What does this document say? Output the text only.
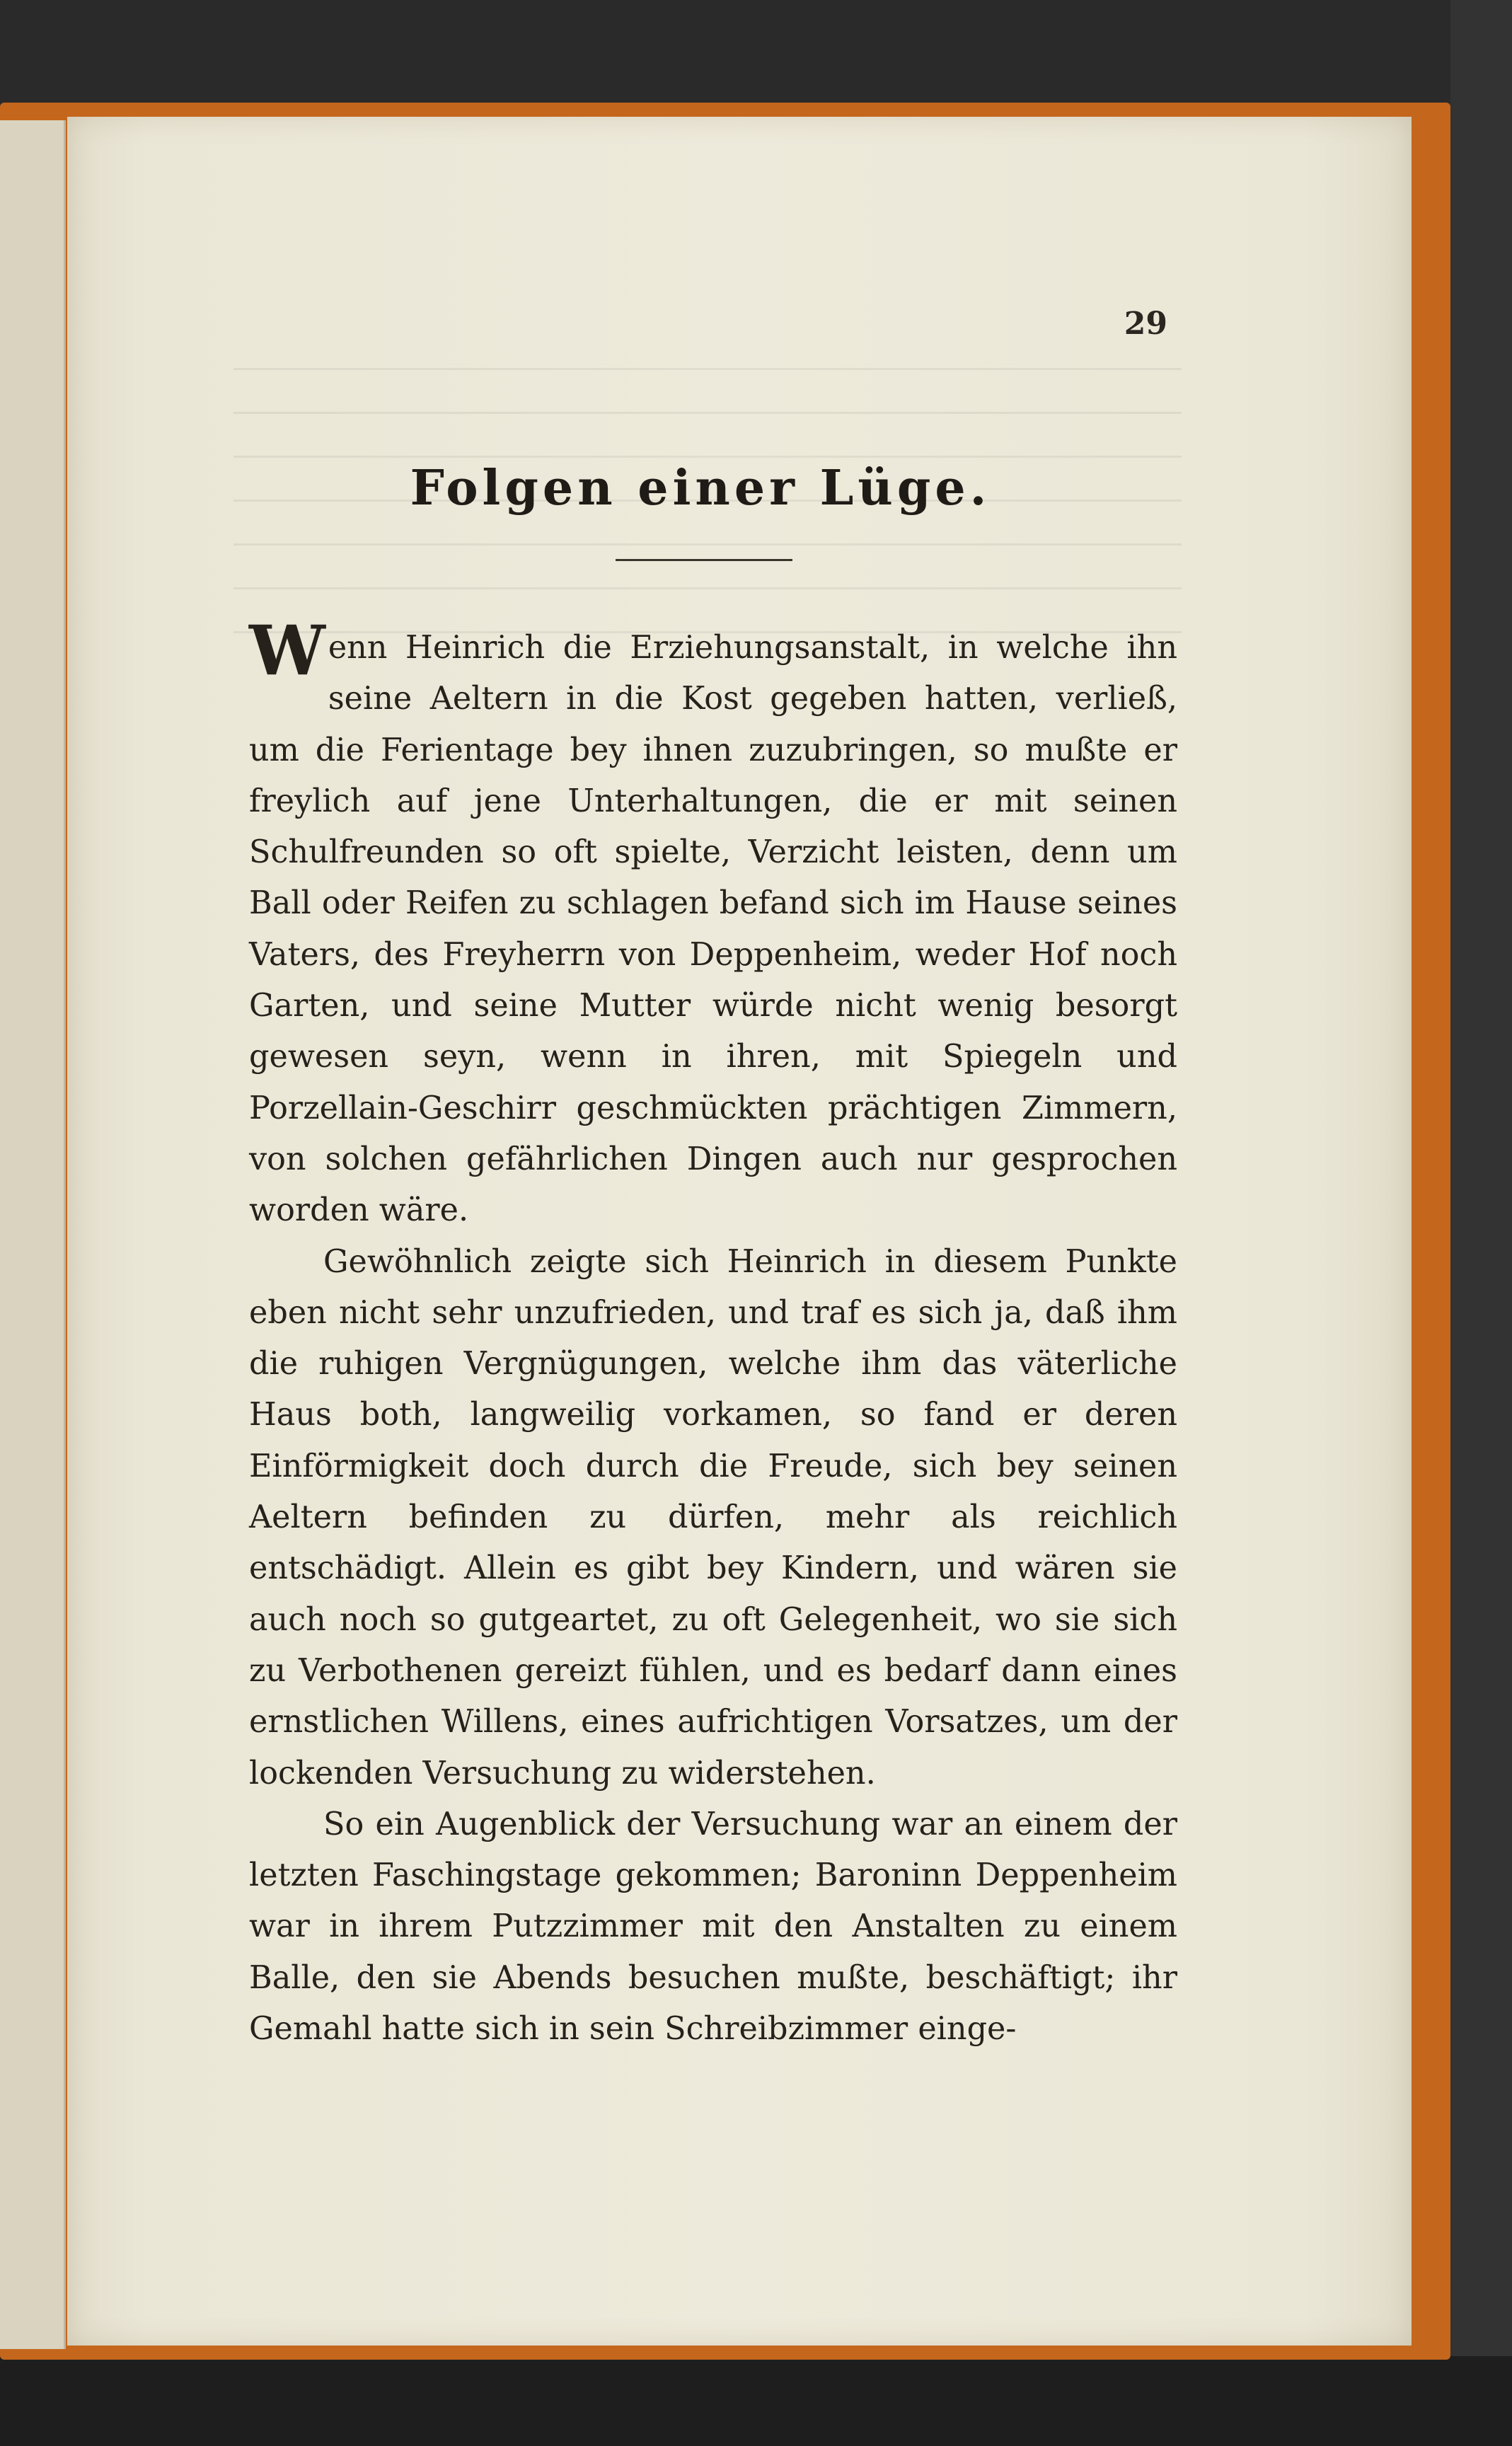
29
Folgen einer Lüge.

Wenn Heinrich die Erziehungsanstalt, in welche ihn seine Aeltern in die Kost gegeben hatten, verließ, um die Ferientage bey ihnen zuzubringen, so mußte er freylich auf jene Unterhaltungen, die er mit seinen Schulfreunden so oft spielte, Verzicht leisten, denn um Ball oder Reifen zu schlagen befand sich im Hause seines Vaters, des Freyherrn von Deppenheim, weder Hof noch Garten, und seine Mutter würde nicht wenig besorgt gewesen seyn, wenn in ihren, mit Spiegeln und Porzellain-Geschirr geschmückten prächtigen Zimmern, von solchen gefährlichen Dingen auch nur gesprochen worden wäre.

Gewöhnlich zeigte sich Heinrich in diesem Punkte eben nicht sehr unzufrieden, und traf es sich ja, daß ihm die ruhigen Vergnügungen, welche ihm das väterliche Haus both, langweilig vorkamen, so fand er deren Einförmigkeit doch durch die Freude, sich bey seinen Aeltern befinden zu dürfen, mehr als reichlich entschädigt. Allein es gibt bey Kindern, und wären sie auch noch so gutgeartet, zu oft Gelegenheit, wo sie sich zu Verbothenen gereizt fühlen, und es bedarf dann eines ernstlichen Willens, eines aufrichtigen Vorsatzes, um der lockenden Versuchung zu widerstehen.

So ein Augenblick der Versuchung war an einem der letzten Faschingstage gekommen; Baroninn Deppenheim war in ihrem Putzzimmer mit den Anstalten zu einem Balle, den sie Abends besuchen mußte, beschäftigt; ihr Gemahl hatte sich in sein Schreibzimmer einge-
